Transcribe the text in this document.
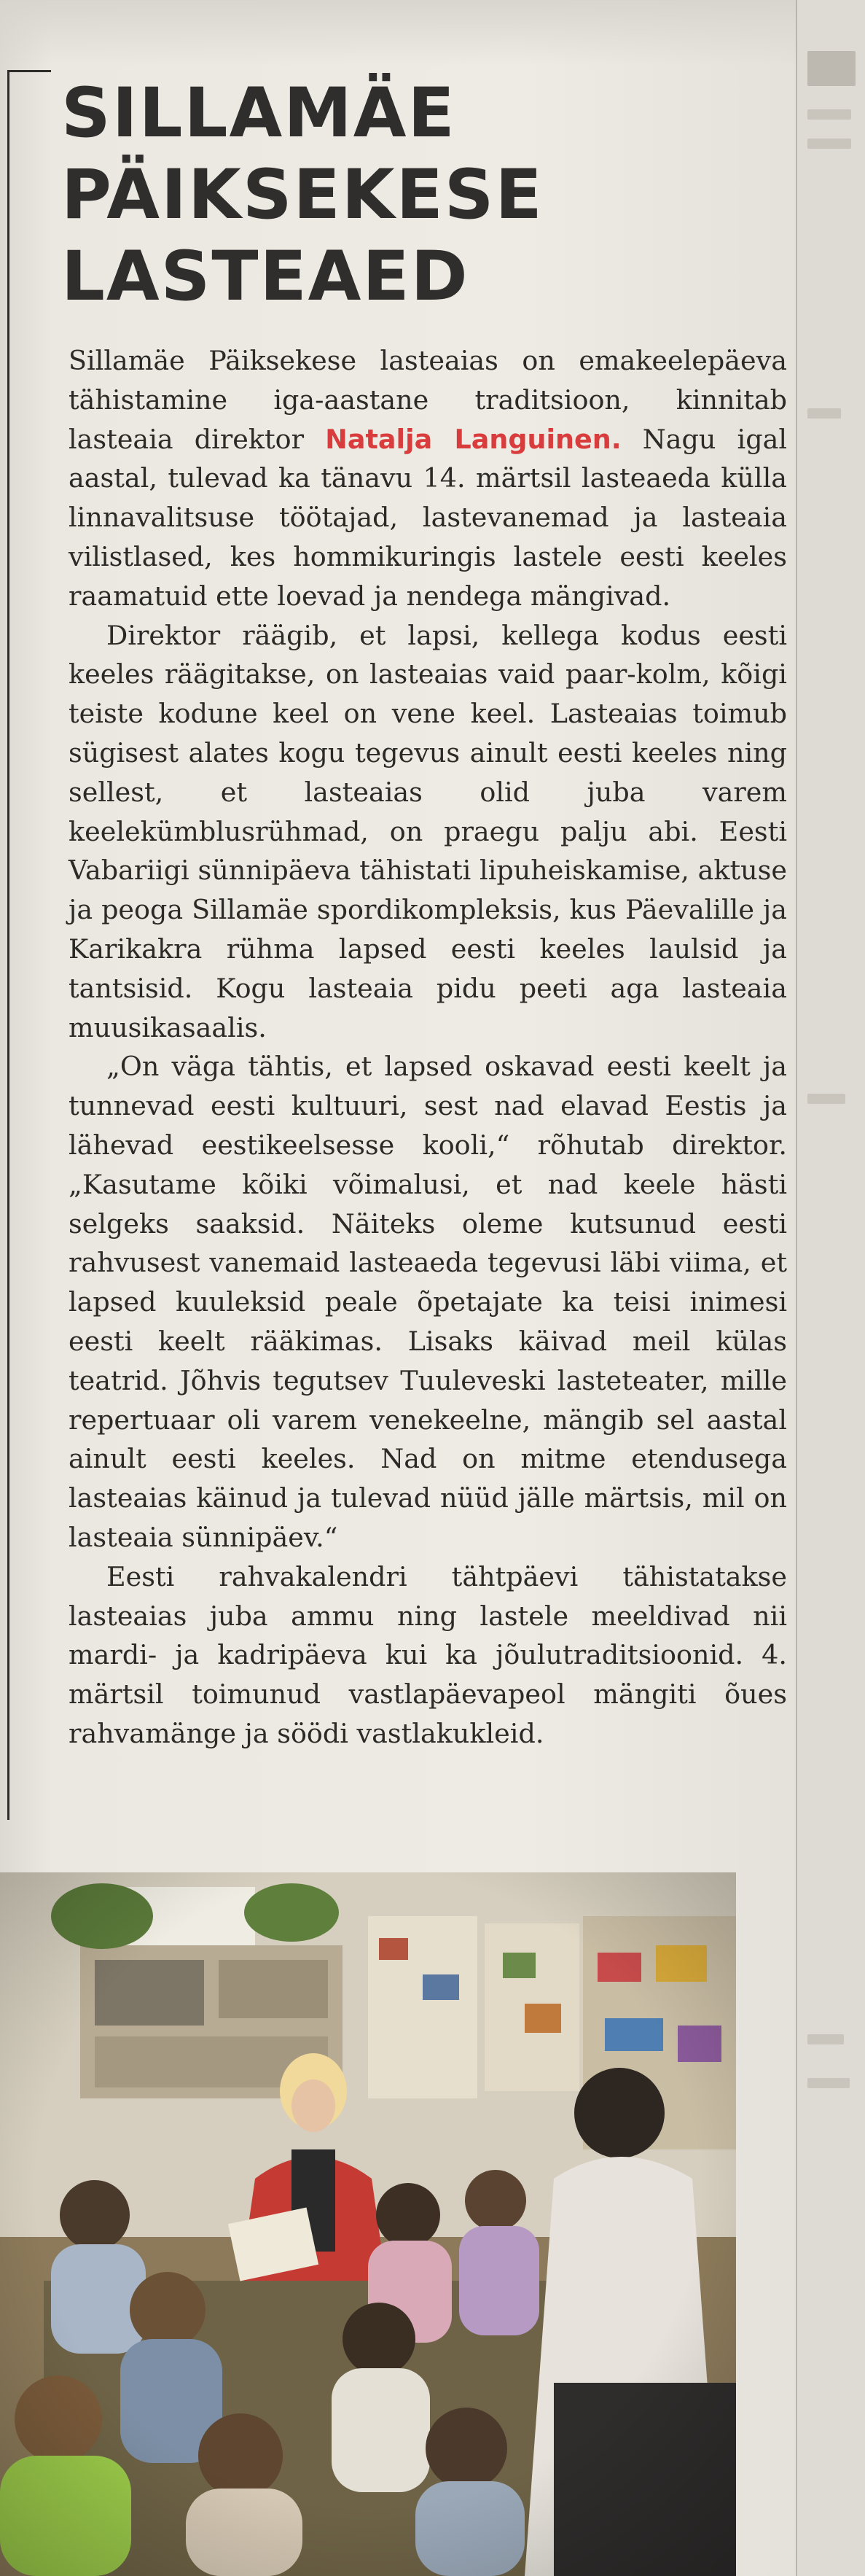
SILLAMÄE
PÄIKSEKESE
LASTEAED

Sillamäe Päiksekese lasteaias on emakeelepäeva tähistamine iga-aastane traditsioon, kinnitab lasteaia direktor Natalja Languinen. Nagu igal aastal, tulevad ka tänavu 14. märtsil lasteaeda külla linnavalitsuse töötajad, lastevanemad ja lasteaia vilistlased, kes hommikuringis lastele eesti keeles raamatuid ette loevad ja nendega mängivad.

Direktor räägib, et lapsi, kellega kodus eesti keeles räägitakse, on lasteaias vaid paar-kolm, kõigi teiste kodune keel on vene keel. Lasteaias toimub sügisest alates kogu tegevus ainult eesti keeles ning sellest, et lasteaias olid juba varem keelekümblusrühmad, on praegu palju abi. Eesti Vabariigi sünnipäeva tähistati lipuheiskamise, aktuse ja peoga Sillamäe spordikompleksis, kus Päevalille ja Karikakra rühma lapsed eesti keeles laulsid ja tantsisid. Kogu lasteaia pidu peeti aga lasteaia muusikasaalis.

„On väga tähtis, et lapsed oskavad eesti keelt ja tunnevad eesti kultuuri, sest nad elavad Eestis ja lähevad eestikeelsesse kooli,“ rõhutab direktor. „Kasutame kõiki võimalusi, et nad keele hästi selgeks saaksid. Näiteks oleme kutsunud eesti rahvusest vanemaid lasteaeda tegevusi läbi viima, et lapsed kuuleksid peale õpetajate ka teisi inimesi eesti keelt rääkimas. Lisaks käivad meil külas teatrid. Jõhvis tegutsev Tuuleveski lasteteater, mille repertuaar oli varem venekeelne, mängib sel aastal ainult eesti keeles. Nad on mitme etendusega lasteaias käinud ja tulevad nüüd jälle märtsis, mil on lasteaia sünnipäev.“

Eesti rahvakalendri tähtpäevi tähistatakse lasteaias juba ammu ning lastele meeldivad nii mardi- ja kadripäeva kui ka jõulutraditsioonid. 4. märtsil toimunud vastlapäevapeol mängiti õues rahvamänge ja söödi vastlakukleid.
